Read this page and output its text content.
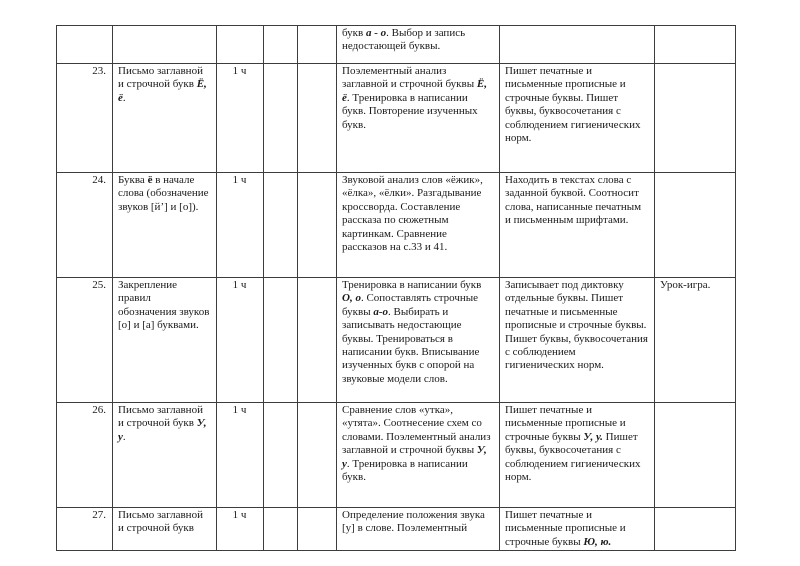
					букв а - о. Выбор и запись недостающей буквы.		
23.	Письмо заглавной и строчной букв Ё, ё.	1 ч			Поэлементный анализ заглавной и строчной буквы Ё, ё. Тренировка в написании букв. Повторение изученных букв.	Пишет печатные и письменные прописные и строчные буквы. Пишет буквы, буквосочетания с соблюдением гигиенических норм.	
24.	Буква ё в начале слова (обозначение звуков [й’] и [о]).	1 ч			Звуковой анализ слов «ёжик», «ёлка», «ёлки». Разгадывание кроссворда. Составление рассказа по сюжетным картинкам. Сравнение рассказов на с.33 и 41.	Находить в текстах слова с заданной буквой. Соотносит слова, написанные печатным и письменным шрифтами.	
25.	Закрепление правил обозначения звуков [о] и [а] буквами.	1 ч			Тренировка в написании букв О, о. Сопоставлять строчные буквы а-о. Выбирать и записывать недостающие буквы. Тренироваться в написании букв. Вписывание изученных букв с опорой на звуковые модели слов.	Записывает под диктовку отдельные буквы. Пишет печатные и письменные прописные и строчные буквы. Пишет буквы, буквосочетания с соблюдением гигиенических норм.	Урок-игра.
26.	Письмо заглавной и строчной букв У, у.	1 ч			Сравнение слов «утка», «утята». Соотнесение схем со словами. Поэлементный анализ заглавной и строчной буквы У, у. Тренировка в написании букв.	Пишет печатные и письменные прописные и строчные буквы У, у. Пишет буквы, буквосочетания с соблюдением гигиенических норм.	
27.	Письмо заглавной и строчной букв	1 ч			Определение положения звука [у] в слове. Поэлементный	Пишет печатные и письменные прописные и строчные буквы Ю, ю.	
